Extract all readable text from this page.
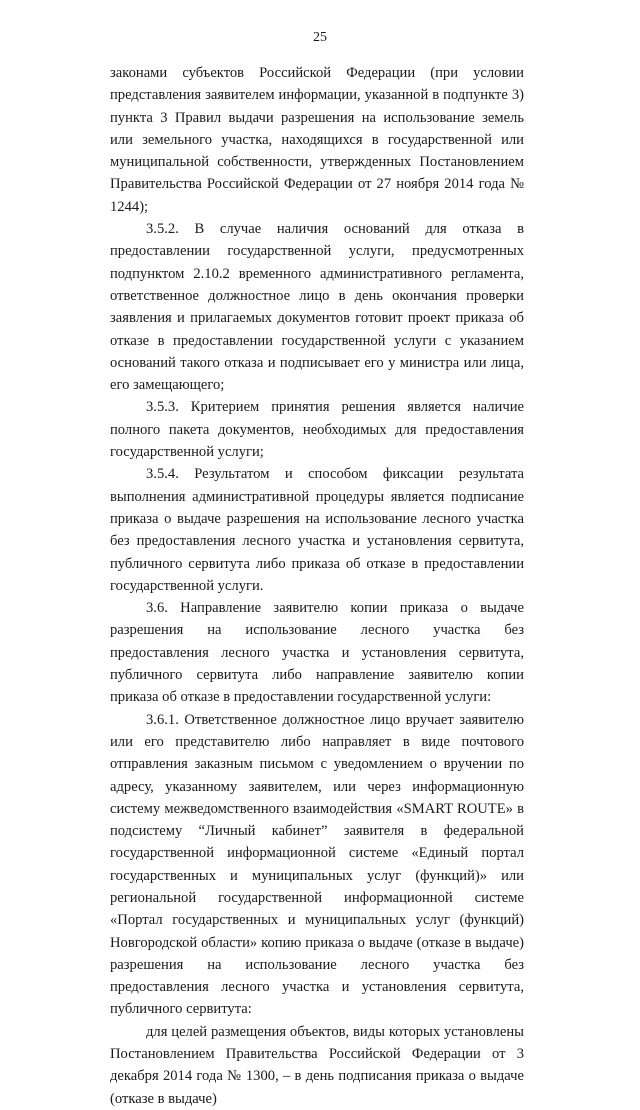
25

законами субъектов Российской Федерации (при условии представления заявителем информации, указанной в подпункте 3) пункта 3 Правил выдачи разрешения на использование земель или земельного участка, находящихся в государственной или муниципальной собственности, утвержденных Постановлением Правительства Российской Федерации от 27 ноября 2014 года № 1244);

3.5.2. В случае наличия оснований для отказа в предоставлении государственной услуги, предусмотренных подпунктом 2.10.2 временного административного регламента, ответственное должностное лицо в день окончания проверки заявления и прилагаемых документов готовит проект приказа об отказе в предоставлении государственной услуги с указанием оснований такого отказа и подписывает его у министра или лица, его замещающего;

3.5.3. Критерием принятия решения является наличие полного пакета документов, необходимых для предоставления государственной услуги;

3.5.4. Результатом и способом фиксации результата выполнения административной процедуры является подписание приказа о выдаче разрешения на использование лесного участка без предоставления лесного участка и установления сервитута, публичного сервитута либо приказа об отказе в предоставлении государственной услуги.

3.6. Направление заявителю копии приказа о выдаче разрешения на использование лесного участка без предоставления лесного участка и установления сервитута, публичного сервитута либо направление заявителю копии приказа об отказе в предоставлении государственной услуги:

3.6.1. Ответственное должностное лицо вручает заявителю или его представителю либо направляет в виде почтового отправления заказным письмом с уведомлением о вручении по адресу, указанному заявителем, или через информационную систему межведомственного взаимодействия «SMART ROUTE» в подсистему “Личный кабинет” заявителя в федеральной государственной информационной системе «Единый портал государственных и муниципальных услуг (функций)» или региональной государственной информационной системе «Портал государственных и муниципальных услуг (функций) Новгородской области» копию приказа о выдаче (отказе в выдаче) разрешения на использование лесного участка без предоставления лесного участка и установления сервитута, публичного сервитута:

для целей размещения объектов, виды которых установлены Постановлением Правительства Российской Федерации от 3 декабря 2014 года № 1300, – в день подписания приказа о выдаче (отказе в выдаче)
